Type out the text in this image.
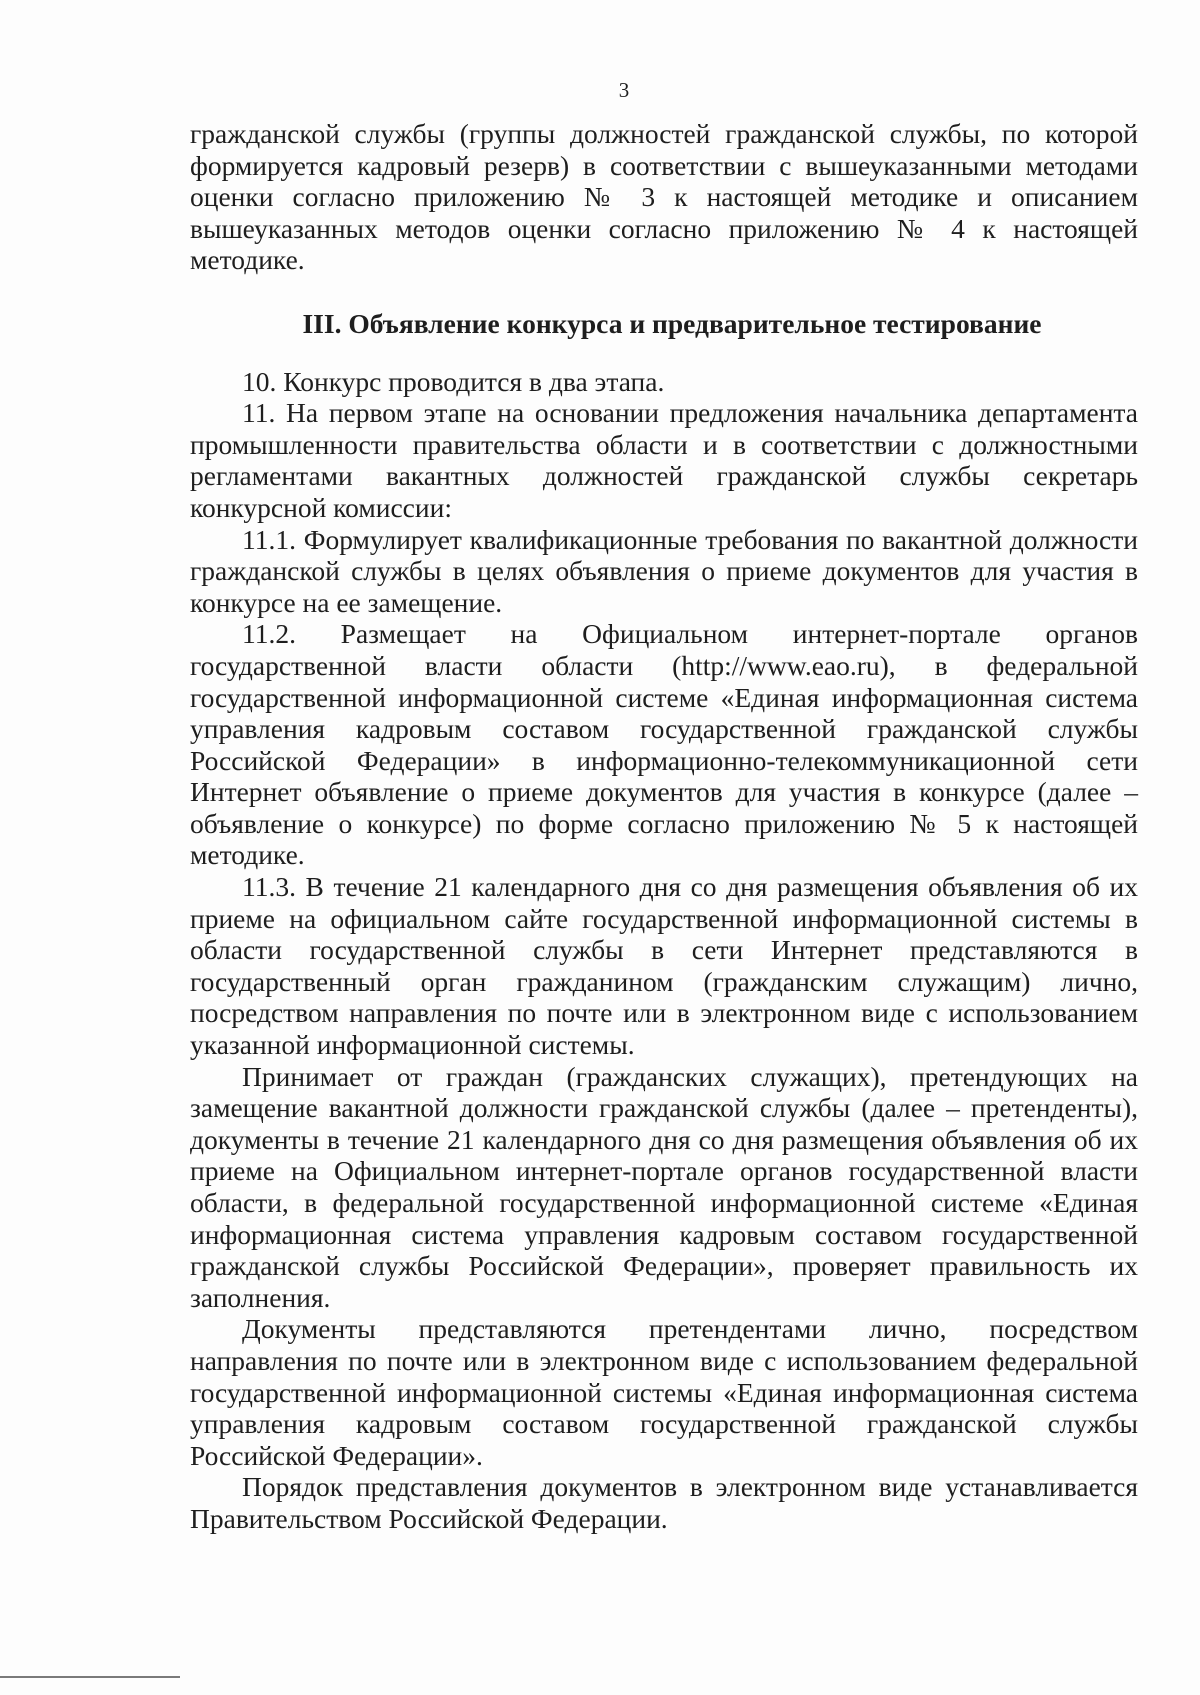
3

гражданской службы (группы должностей гражданской службы, по которой формируется кадровый резерв) в соответствии с вышеуказанными методами оценки согласно приложению № 3 к настоящей методике и описанием вышеуказанных методов оценки согласно приложению № 4 к настоящей методике.

III. Объявление конкурса и предварительное тестирование

10. Конкурс проводится в два этапа.

11. На первом этапе на основании предложения начальника департамента промышленности правительства области и в соответствии с должностными регламентами вакантных должностей гражданской службы секретарь конкурсной комиссии:

11.1. Формулирует квалификационные требования по вакантной должности гражданской службы в целях объявления о приеме документов для участия в конкурсе на ее замещение.

11.2. Размещает на Официальном интернет-портале органов государственной власти области (http://www.eao.ru), в федеральной государственной информационной системе «Единая информационная система управления кадровым составом государственной гражданской службы Российской Федерации» в информационно-телекоммуникационной сети Интернет объявление о приеме документов для участия в конкурсе (далее – объявление о конкурсе) по форме согласно приложению № 5 к настоящей методике.

11.3. В течение 21 календарного дня со дня размещения объявления об их приеме на официальном сайте государственной информационной системы в области государственной службы в сети Интернет представляются в государственный орган гражданином (гражданским служащим) лично, посредством направления по почте или в электронном виде с использованием указанной информационной системы.

Принимает от граждан (гражданских служащих), претендующих на замещение вакантной должности гражданской службы (далее – претенденты), документы в течение 21 календарного дня со дня размещения объявления об их приеме на Официальном интернет-портале органов государственной власти области, в федеральной государственной информационной системе «Единая информационная система управления кадровым составом государственной гражданской службы Российской Федерации», проверяет правильность их заполнения.

Документы представляются претендентами лично, посредством направления по почте или в электронном виде с использованием федеральной государственной информационной системы «Единая информационная система управления кадровым составом государственной гражданской службы Российской Федерации».

Порядок представления документов в электронном виде устанавливается Правительством Российской Федерации.
